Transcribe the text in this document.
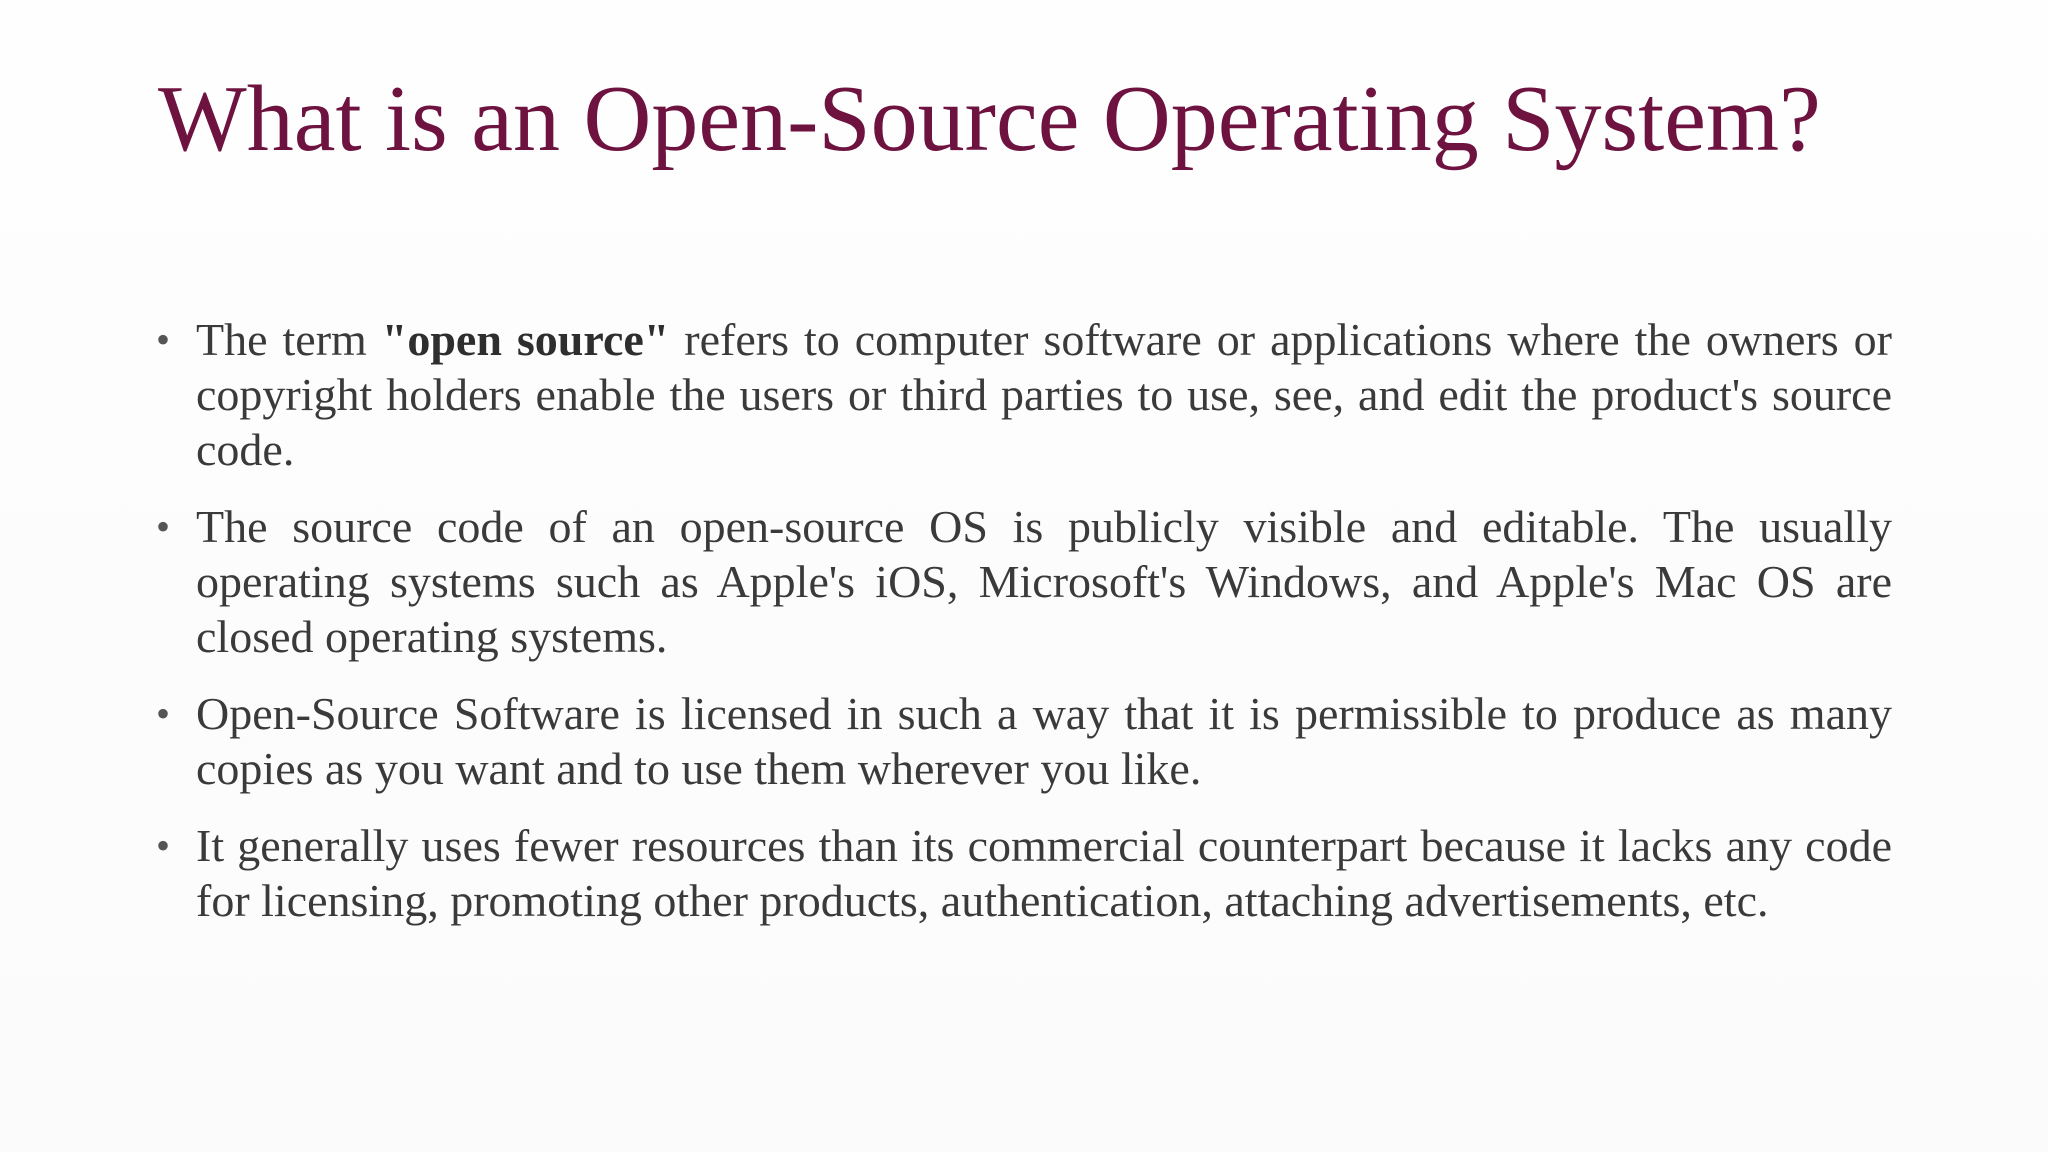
What is an Open-Source Operating System?
• The term "open source" refers to computer software or applications where the owners or copyright holders enable the users or third parties to use, see, and edit the product's source code.
• The source code of an open-source OS is publicly visible and editable. The usually operating systems such as Apple's iOS, Microsoft's Windows, and Apple's Mac OS are closed operating systems.
• Open-Source Software is licensed in such a way that it is permissible to produce as many copies as you want and to use them wherever you like.
• It generally uses fewer resources than its commercial counterpart because it lacks any code for licensing, promoting other products, authentication, attaching advertisements, etc.
